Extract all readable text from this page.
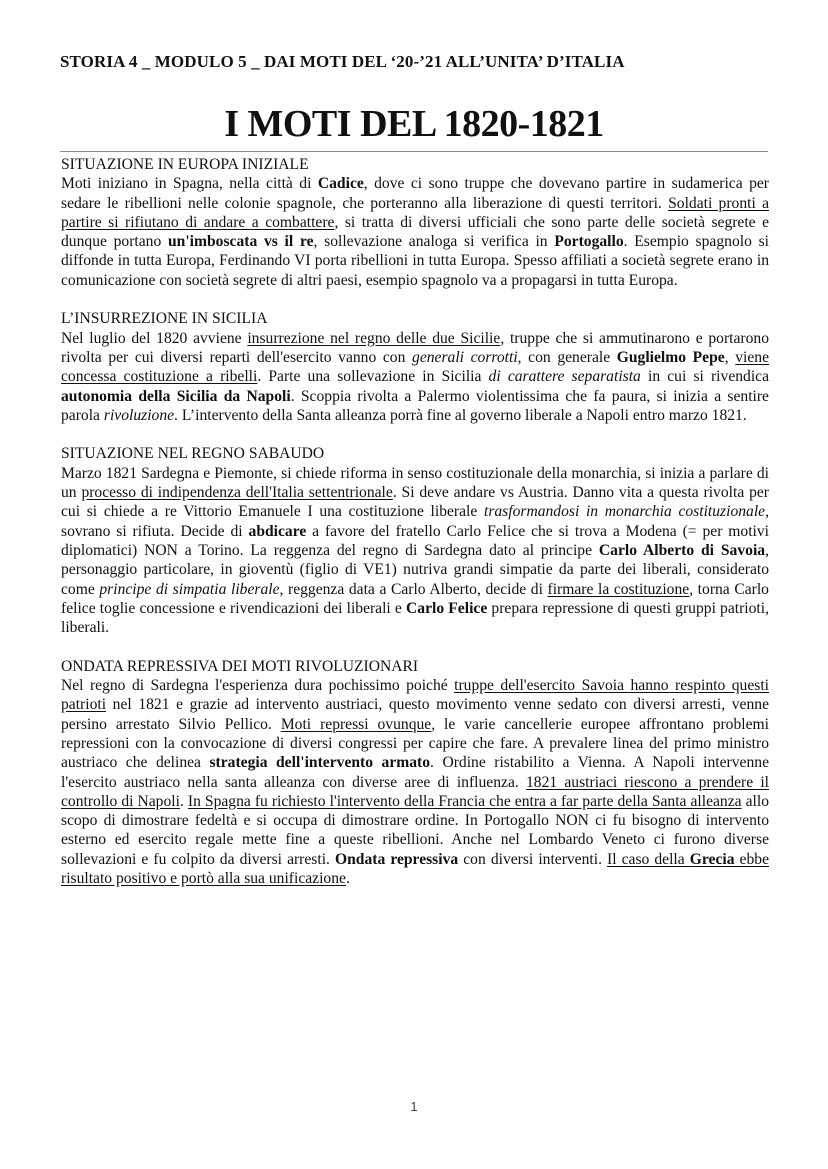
STORIA 4 _ MODULO 5 _ DAI MOTI DEL ‘20-’21 ALL’UNITA’ D’ITALIA
I MOTI DEL 1820-1821
SITUAZIONE IN EUROPA INIZIALE
Moti iniziano in Spagna, nella città di Cadice, dove ci sono truppe che dovevano partire in sudamerica per sedare le ribellioni nelle colonie spagnole, che porteranno alla liberazione di questi territori. Soldati pronti a partire si rifiutano di andare a combattere, si tratta di diversi ufficiali che sono parte delle società segrete e dunque portano un'imboscata vs il re, sollevazione analoga si verifica in Portogallo. Esempio spagnolo si diffonde in tutta Europa, Ferdinando VI porta ribellioni in tutta Europa. Spesso affiliati a società segrete erano in comunicazione con società segrete di altri paesi, esempio spagnolo va a propagarsi in tutta Europa.
L’INSURREZIONE IN SICILIA
Nel luglio del 1820 avviene insurrezione nel regno delle due Sicilie, truppe che si ammutinarono e portarono rivolta per cui diversi reparti dell'esercito vanno con generali corrotti, con generale Guglielmo Pepe, viene concessa costituzione a ribelli. Parte una sollevazione in Sicilia di carattere separatista in cui si rivendica autonomia della Sicilia da Napoli. Scoppia rivolta a Palermo violentissima che fa paura, si inizia a sentire parola rivoluzione. L’intervento della Santa alleanza porrà fine al governo liberale a Napoli entro marzo 1821.
SITUAZIONE NEL REGNO SABAUDO
Marzo 1821 Sardegna e Piemonte, si chiede riforma in senso costituzionale della monarchia, si inizia a parlare di un processo di indipendenza dell'Italia settentrionale. Si deve andare vs Austria. Danno vita a questa rivolta per cui si chiede a re Vittorio Emanuele I una costituzione liberale trasformandosi in monarchia costituzionale, sovrano si rifiuta. Decide di abdicare a favore del fratello Carlo Felice che si trova a Modena (= per motivi diplomatici) NON a Torino. La reggenza del regno di Sardegna dato al principe Carlo Alberto di Savoia, personaggio particolare, in gioventù (figlio di VE1) nutriva grandi simpatie da parte dei liberali, considerato come principe di simpatia liberale, reggenza data a Carlo Alberto, decide di firmare la costituzione, torna Carlo felice toglie concessione e rivendicazioni dei liberali e Carlo Felice prepara repressione di questi gruppi patrioti, liberali.
ONDATA REPRESSIVA DEI MOTI RIVOLUZIONARI
Nel regno di Sardegna l'esperienza dura pochissimo poiché truppe dell'esercito Savoia hanno respinto questi patrioti nel 1821 e grazie ad intervento austriaci, questo movimento venne sedato con diversi arresti, venne persino arrestato Silvio Pellico. Moti repressi ovunque, le varie cancellerie europee affrontano problemi repressioni con la convocazione di diversi congressi per capire che fare. A prevalere linea del primo ministro austriaco che delinea strategia dell'intervento armato. Ordine ristabilito a Vienna. A Napoli intervenne l'esercito austriaco nella santa alleanza con diverse aree di influenza. 1821 austriaci riescono a prendere il controllo di Napoli. In Spagna fu richiesto l'intervento della Francia che entra a far parte della Santa alleanza allo scopo di dimostrare fedeltà e si occupa di dimostrare ordine. In Portogallo NON ci fu bisogno di intervento esterno ed esercito regale mette fine a queste ribellioni. Anche nel Lombardo Veneto ci furono diverse sollevazioni e fu colpito da diversi arresti. Ondata repressiva con diversi interventi. Il caso della Grecia ebbe risultato positivo e portò alla sua unificazione.
1
